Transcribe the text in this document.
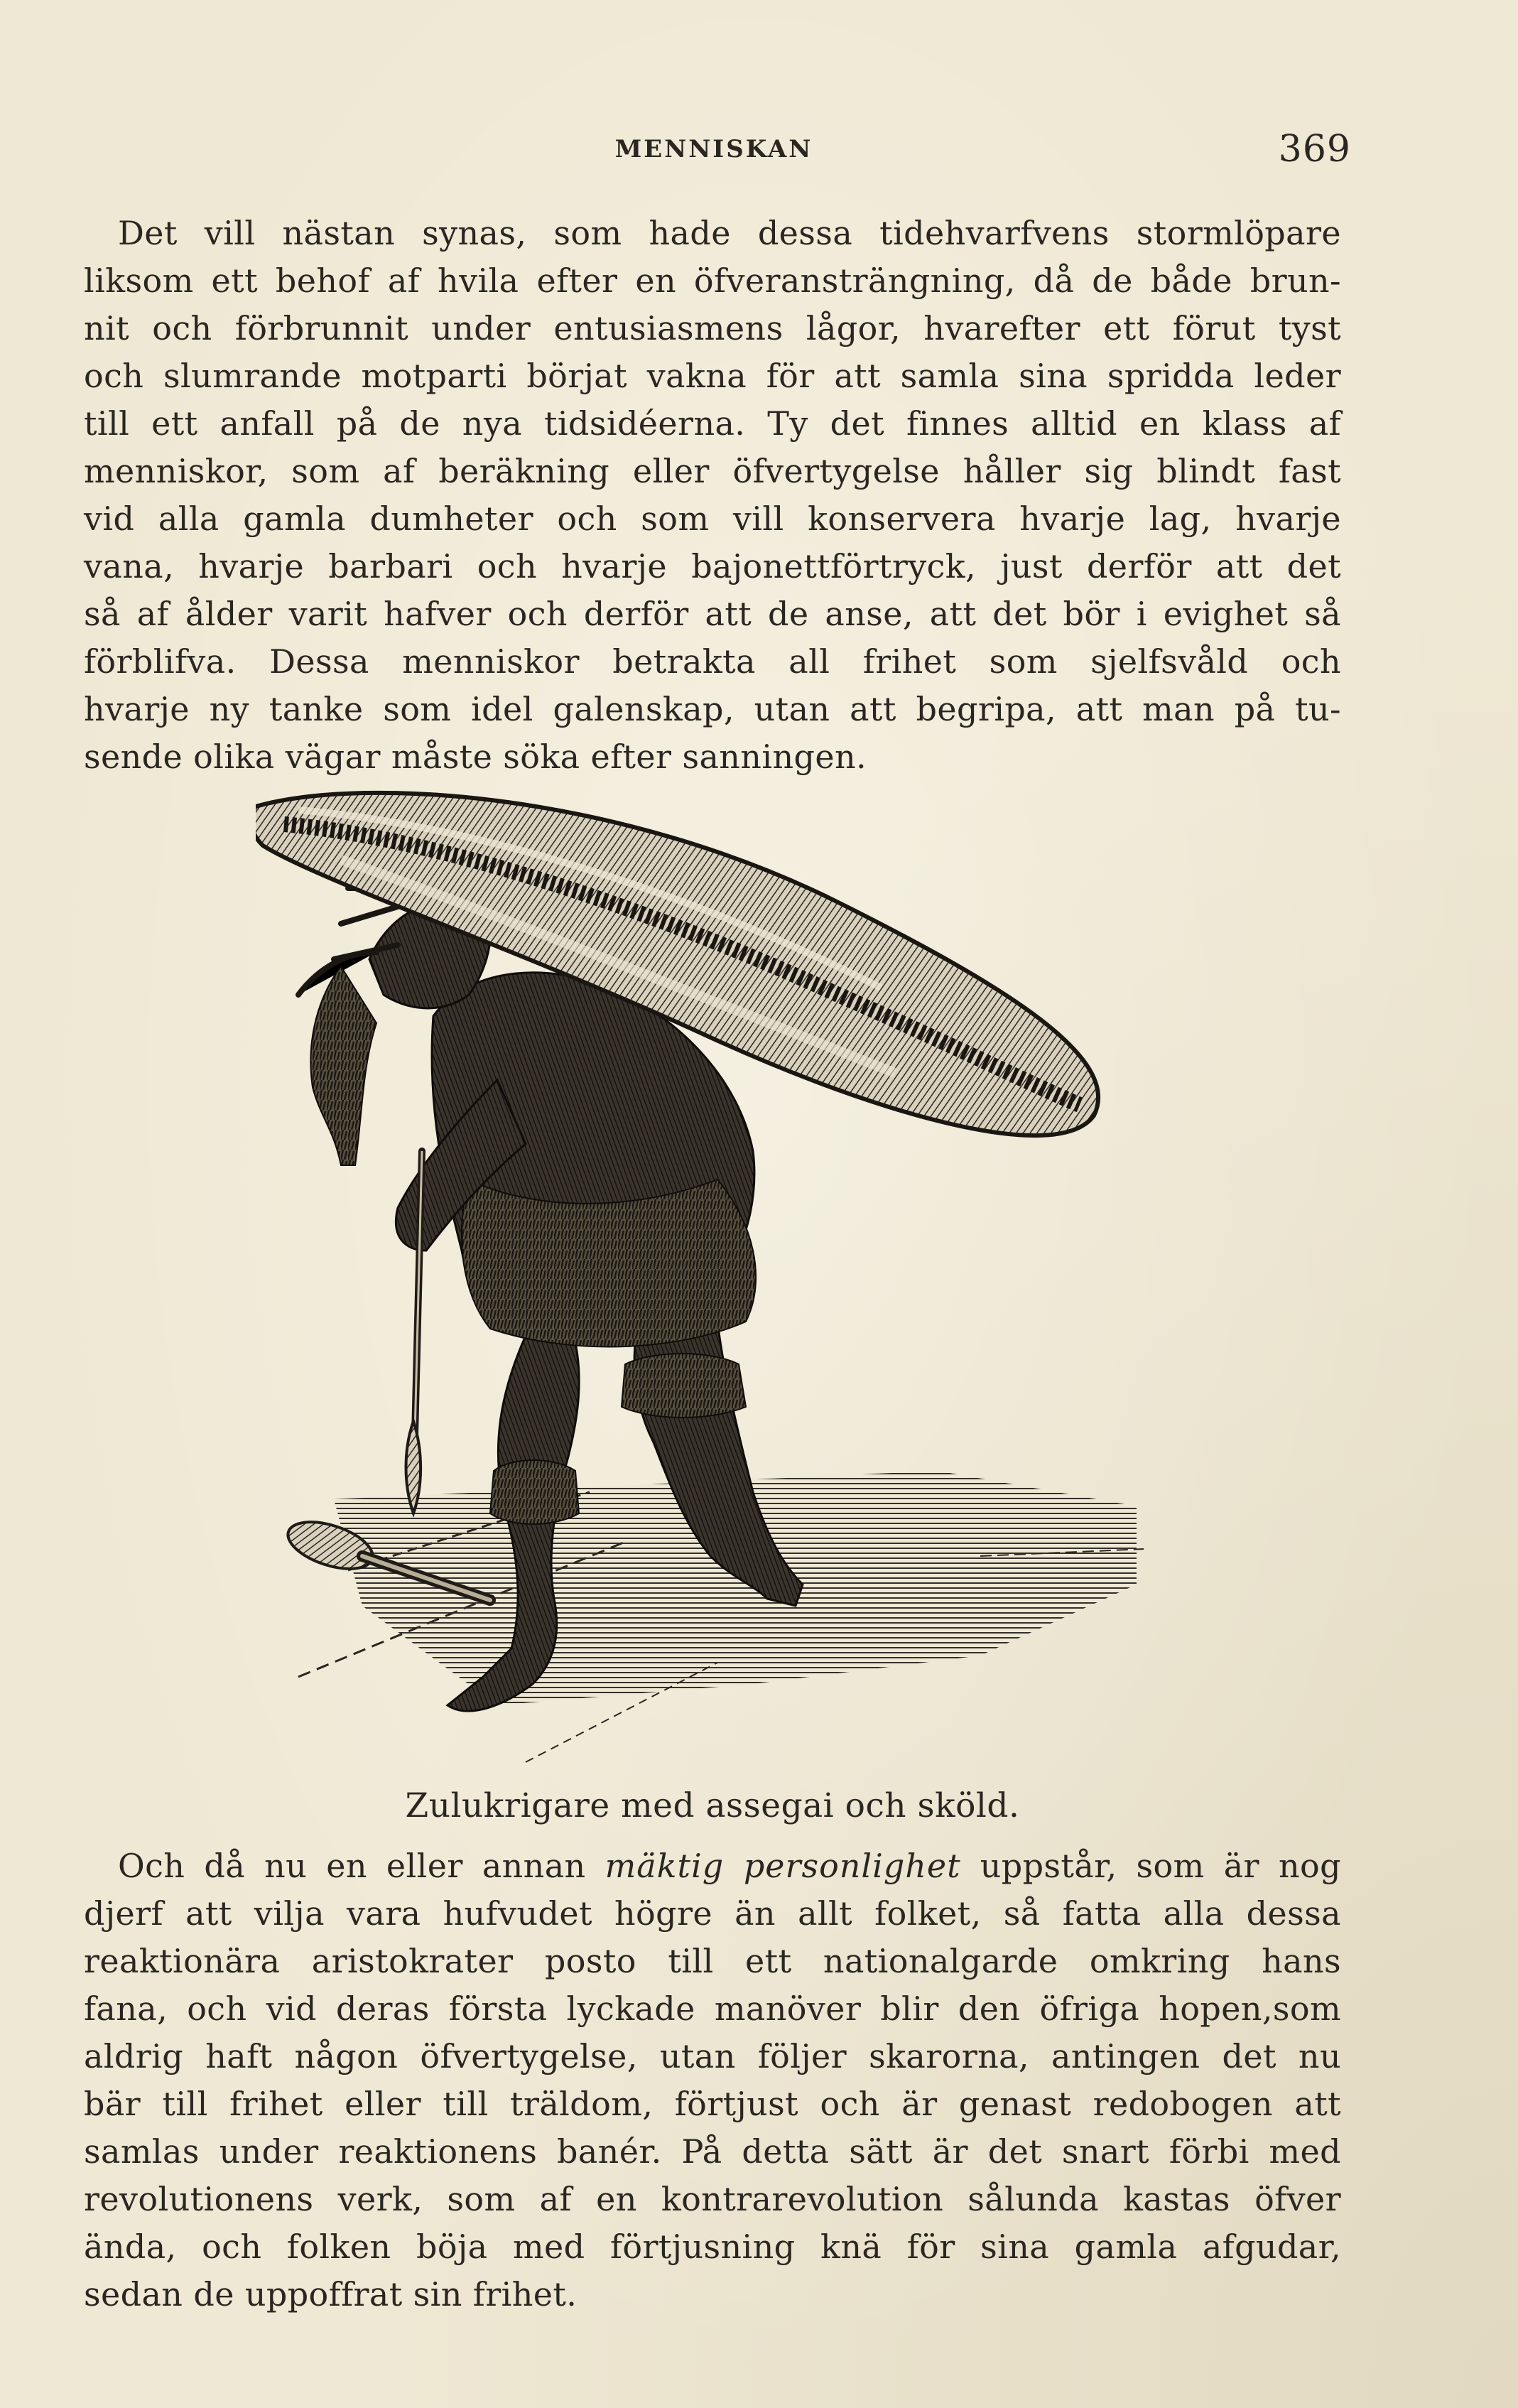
MENNISKAN	369
Det vill nästan synas, som hade dessa tidehvarfvens stormlöpare
liksom ett behof af hvila efter en öfveransträngning, då de både brun-
nit och förbrunnit under entusiasmens lågor, hvarefter ett förut tyst
och slumrande motparti börjat vakna för att samla sina spridda leder
till ett anfall på de nya tidsidéerna. Ty det finnes alltid en klass af
menniskor, som af beräkning eller öfvertygelse håller sig blindt fast
vid alla gamla dumheter och som vill konservera hvarje lag, hvarje
vana, hvarje barbari och hvarje bajonettförtryck, just derför att det
så af ålder varit hafver och derför att de anse, att det bör i evighet så
förblifva. Dessa menniskor betrakta all frihet som sjelfsvåld och
hvarje ny tanke som idel galenskap, utan att begripa, att man på tu-
sende olika vägar måste söka efter sanningen.
Zulukrigare med assegai och sköld.
Och då nu en eller annan mäktig personlighet uppstår, som är nog
djerf att vilja vara hufvudet högre än allt folket, så fatta alla dessa
reaktionära aristokrater posto till ett nationalgarde omkring hans
fana, och vid deras första lyckade manöver blir den öfriga hopen,som
aldrig haft någon öfvertygelse, utan följer skarorna, antingen det nu
bär till frihet eller till träldom, förtjust och är genast redobogen att
samlas under reaktionens banér. På detta sätt är det snart förbi med
revolutionens verk, som af en kontrarevolution sålunda kastas öfver
ända, och folken böja med förtjusning knä för sina gamla afgudar,
sedan de uppoffrat sin frihet.
